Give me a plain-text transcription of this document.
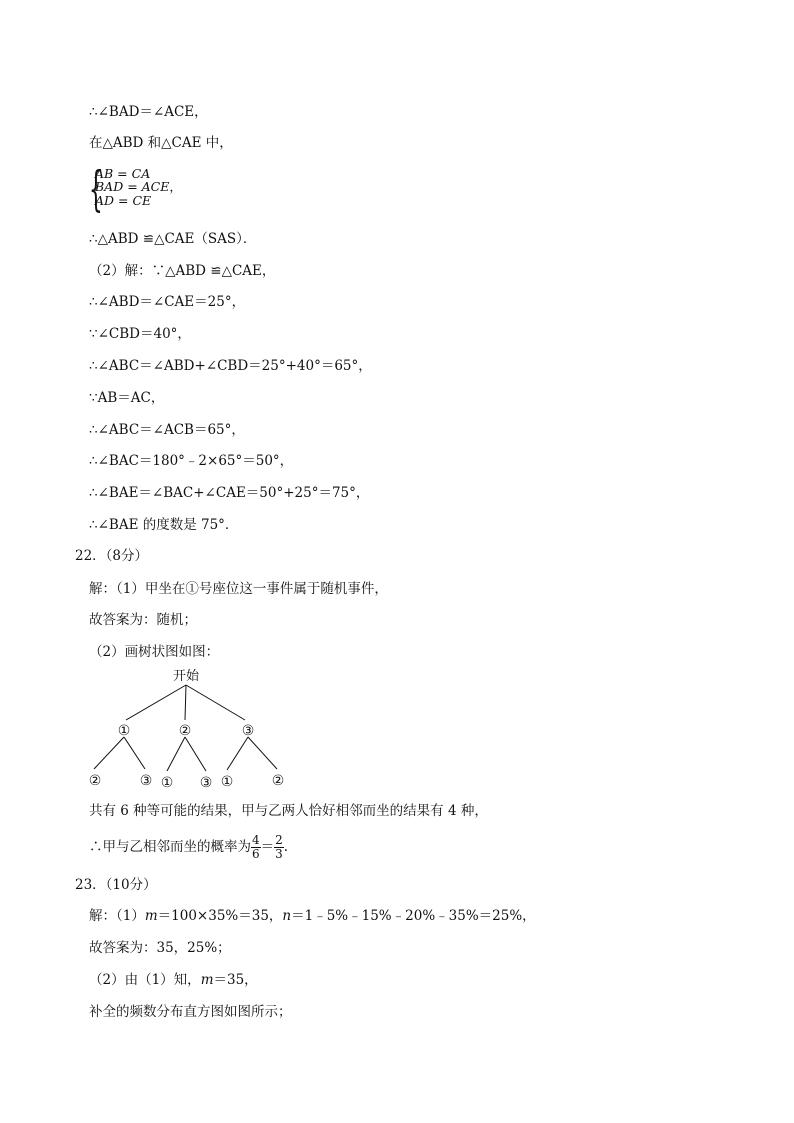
∴∠BAD＝∠ACE，
在△ABD 和△CAE 中，
{
AB = CA
BAD = ACE，
AD = CE
∴△ABD ≌△CAE（SAS）．
（2）解：∵△ABD ≌△CAE，
∴∠ABD＝∠CAE＝25°，
∵∠CBD＝40°，
∴∠ABC＝∠ABD+∠CBD＝25°+40°＝65°，
∵AB＝AC，
∴∠ABC＝∠ACB＝65°，
∴∠BAC＝180°﹣2×65°＝50°，
∴∠BAE＝∠BAC+∠CAE＝50°+25°＝75°，
∴∠BAE 的度数是 75°．
22．（8分）
解：（1）甲坐在①号座位这一事件属于随机事件，
故答案为：随机；
（2）画树状图如图：
开始
①	②	③
②	③ ① ③ ①	②
共有 6 种等可能的结果，甲与乙两人恰好相邻而坐的结果有 4 种，
∴甲与乙相邻而坐的概率为 $\frac{4}{6} = \frac{2}{3}$ .
23．（10分）
解：（1）m＝100×35%＝35，n＝1﹣5%﹣15%﹣20%﹣35%＝25%，
故答案为：35，25%；
（2）由（1）知，m＝35，
补全的频数分布直方图如图所示；
